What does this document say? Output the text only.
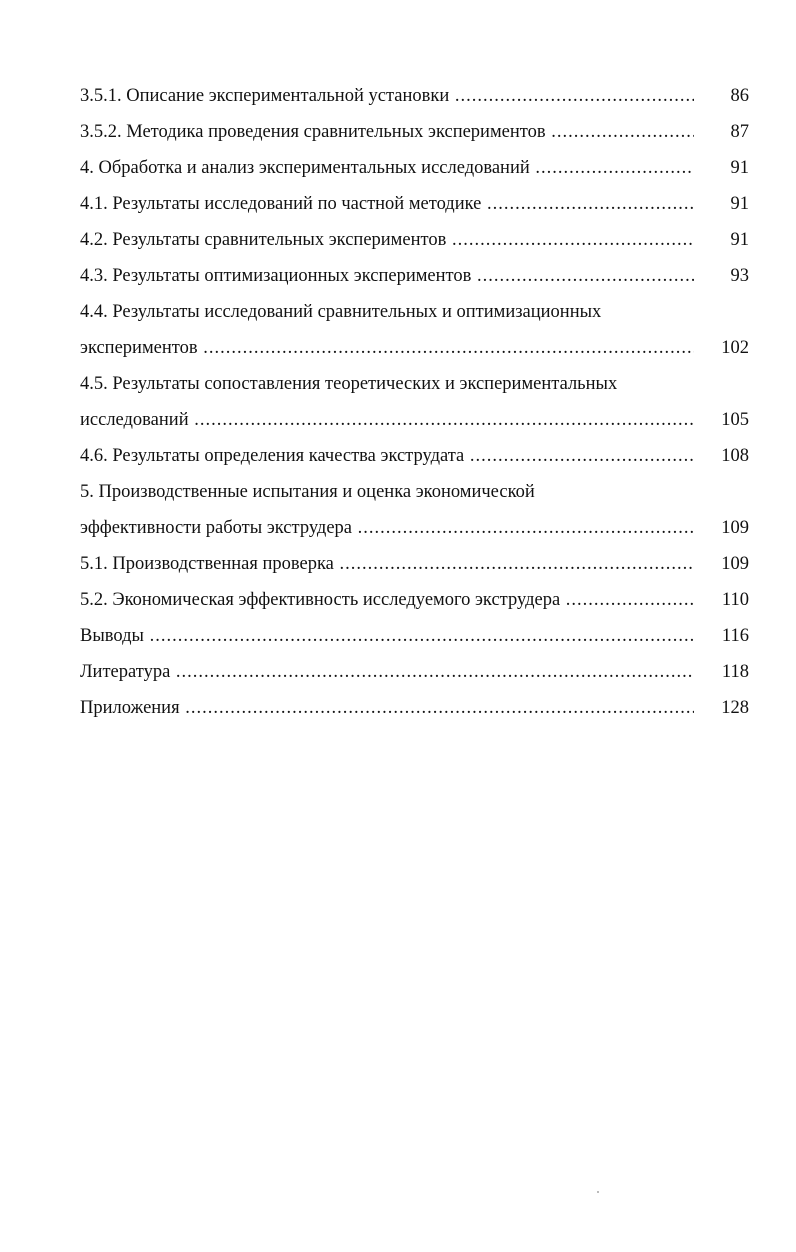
3.5.1. Описание экспериментальной установки .....	86
3.5.2. Методика проведения сравнительных экспериментов .....	87
4. Обработка и анализ экспериментальных исследований .....	91
4.1. Результаты исследований по частной методике .....	91
4.2. Результаты сравнительных экспериментов .....	91
4.3. Результаты оптимизационных экспериментов .....	93
4.4. Результаты исследований сравнительных и оптимизационных
экспериментов .....	102
4.5. Результаты сопоставления теоретических и экспериментальных
исследований .....	105
4.6. Результаты определения качества экструдата .....	108
5. Производственные испытания и оценка экономической
эффективности работы экструдера .....	109
5.1. Производственная проверка .....	109
5.2. Экономическая эффективность исследуемого экструдера .....	110
Выводы .....	116
Литература .....	118
Приложения .....	128
